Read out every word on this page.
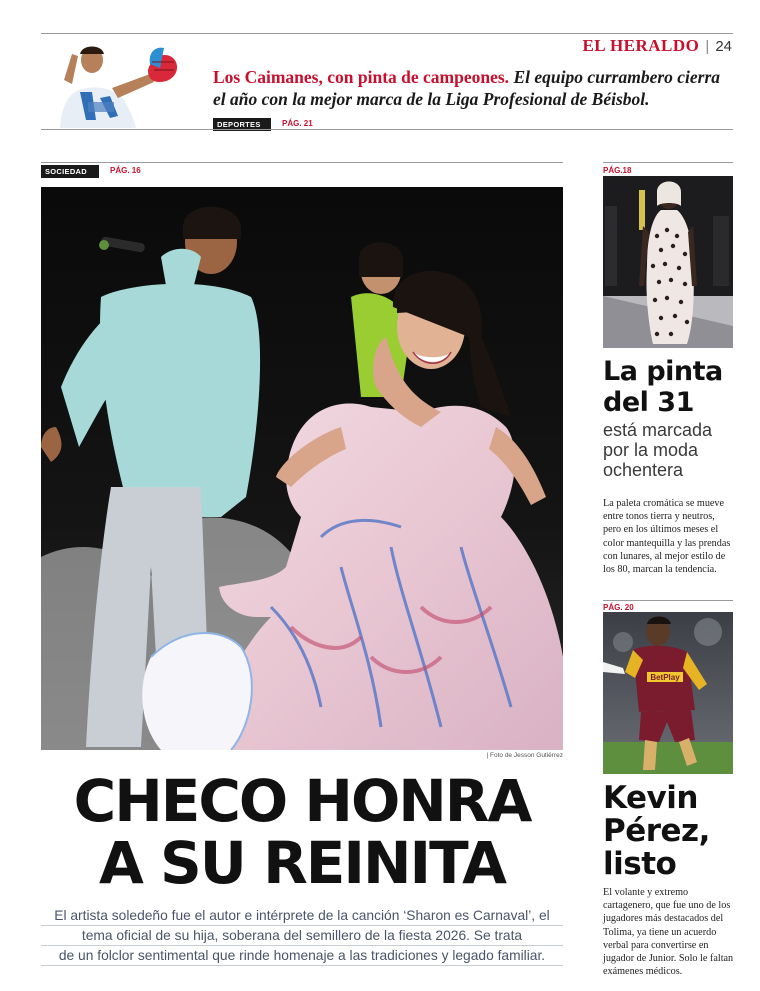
EL HERALDO | 24
Los Caimanes, con pinta de campeones. El equipo currambero cierra el año con la mejor marca de la Liga Profesional de Béisbol.
DEPORTES	PÁG. 21
SOCIEDAD	PÁG. 16
| Foto de Jesson Gutiérrez
CHECO HONRA
A SU REINITA
El artista soledeño fue el autor e intérprete de la canción ‘Sharon es Carnaval’, el
tema oficial de su hija, soberana del semillero de la fiesta 2026. Se trata
de un folclor sentimental que rinde homenaje a las tradiciones y legado familiar.
PÁG.18
La pinta
del 31
está marcada
por la moda
ochentera
La paleta cromática se mueve entre tonos tierra y neutros, pero en los últimos meses el color mantequilla y las prendas con lunares, al mejor estilo de los 80, marcan la tendencia.
PÁG. 20
BetPlay
Kevin
Pérez,
listo
El volante y extremo cartagenero, que fue uno de los jugadores más destacados del Tolima, ya tiene un acuerdo verbal para convertirse en jugador de Junior. Solo le faltan exámenes médicos.
